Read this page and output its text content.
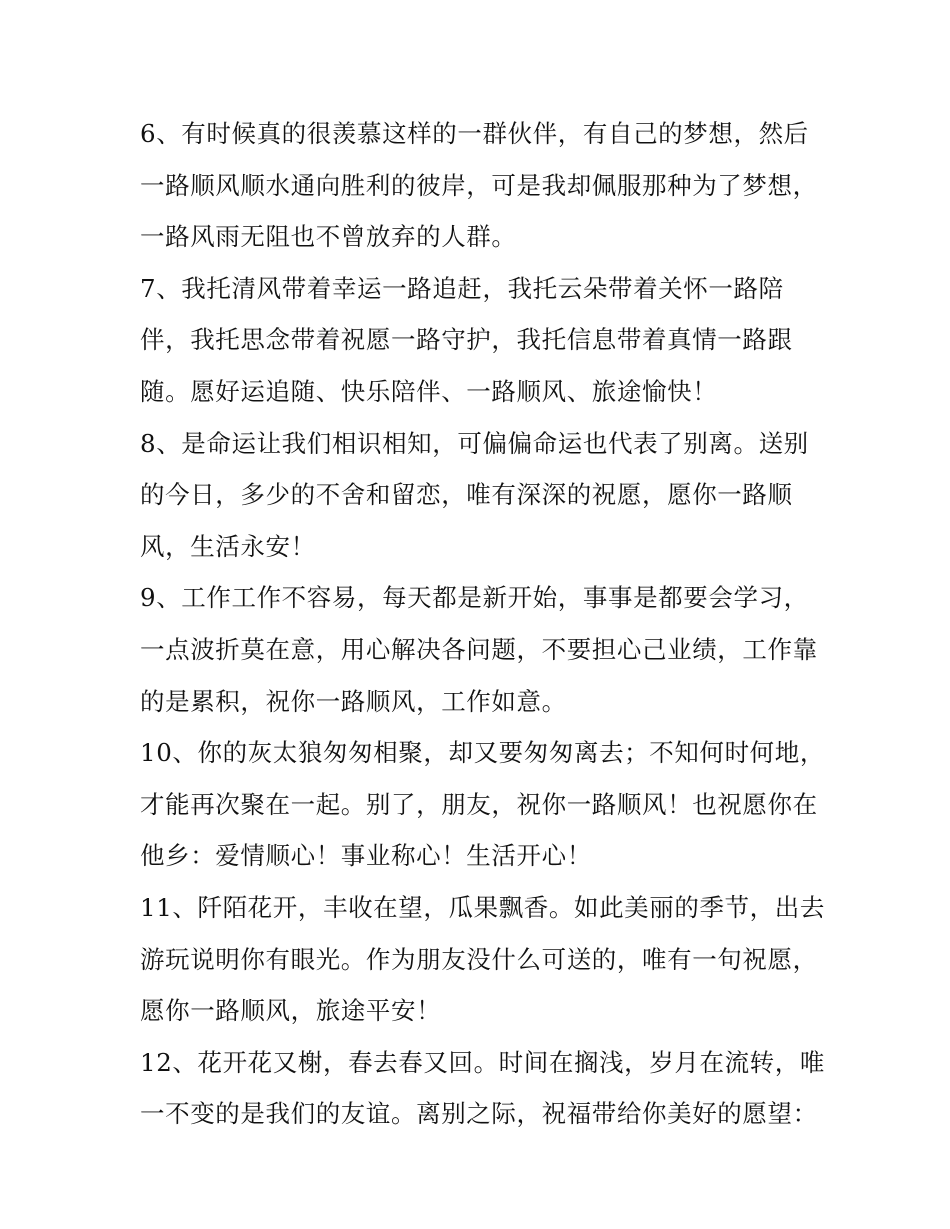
6、有时候真的很羡慕这样的一群伙伴，有自己的梦想，然后
一路顺风顺水通向胜利的彼岸，可是我却佩服那种为了梦想，
一路风雨无阻也不曾放弃的人群。
7、我托清风带着幸运一路追赶，我托云朵带着关怀一路陪
伴，我托思念带着祝愿一路守护，我托信息带着真情一路跟
随。愿好运追随、快乐陪伴、一路顺风、旅途愉快！
8、是命运让我们相识相知，可偏偏命运也代表了别离。送别
的今日，多少的不舍和留恋，唯有深深的祝愿，愿你一路顺
风，生活永安！
9、工作工作不容易，每天都是新开始，事事是都要会学习，
一点波折莫在意，用心解决各问题，不要担心己业绩，工作靠
的是累积，祝你一路顺风，工作如意。
10、你的灰太狼匆匆相聚，却又要匆匆离去；不知何时何地，
才能再次聚在一起。别了，朋友，祝你一路顺风！也祝愿你在
他乡：爱情顺心！事业称心！生活开心！
11、阡陌花开，丰收在望，瓜果飘香。如此美丽的季节，出去
游玩说明你有眼光。作为朋友没什么可送的，唯有一句祝愿，
愿你一路顺风，旅途平安！
12、花开花又榭，春去春又回。时间在搁浅，岁月在流转，唯
一不变的是我们的友谊。离别之际，祝福带给你美好的愿望：
